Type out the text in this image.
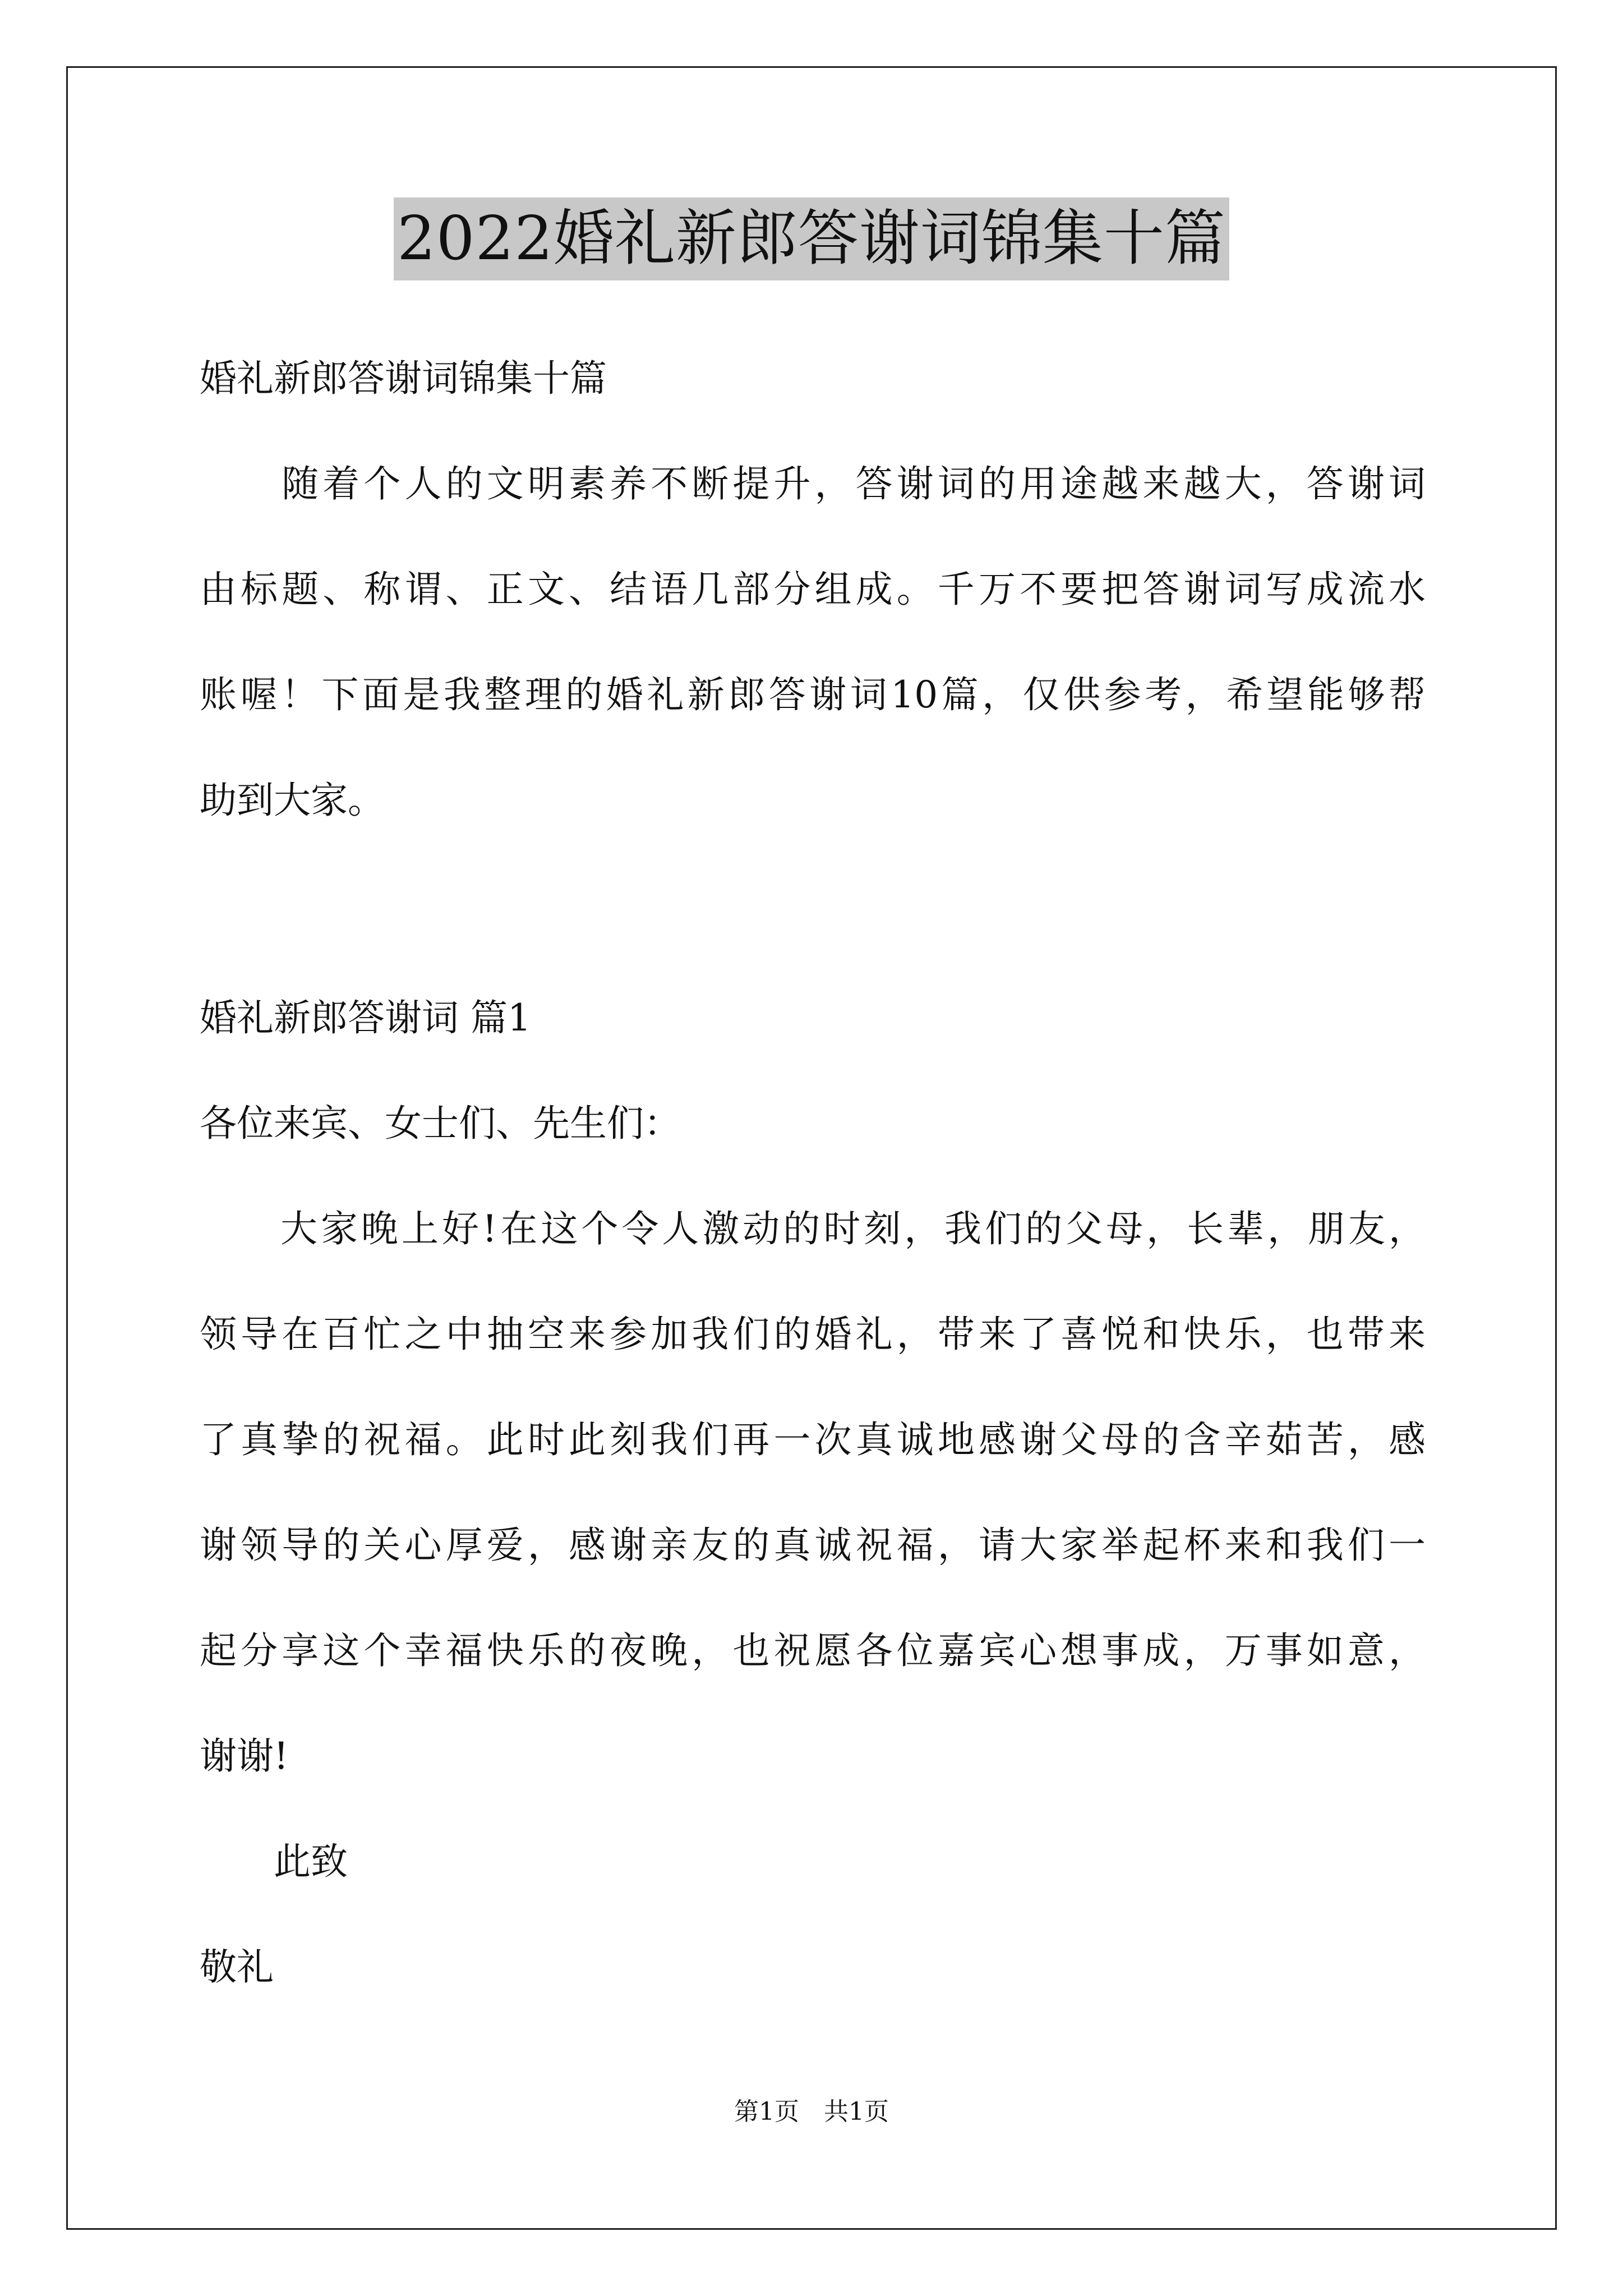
2022婚礼新郎答谢词锦集十篇
婚礼新郎答谢词锦集十篇
　　随着个人的文明素养不断提升，答谢词的用途越来越大，答谢词
由标题、称谓、正文、结语几部分组成。千万不要把答谢词写成流水
账喔！下面是我整理的婚礼新郎答谢词10篇，仅供参考，希望能够帮
助到大家。
婚礼新郎答谢词 篇1
各位来宾、女士们、先生们：
　　大家晚上好!在这个令人激动的时刻，我们的父母，长辈，朋友，
领导在百忙之中抽空来参加我们的婚礼，带来了喜悦和快乐，也带来
了真挚的祝福。此时此刻我们再一次真诚地感谢父母的含辛茹苦，感
谢领导的关心厚爱，感谢亲友的真诚祝福，请大家举起杯来和我们一
起分享这个幸福快乐的夜晚，也祝愿各位嘉宾心想事成，万事如意，
谢谢!
　　此致
敬礼
第1页　共1页
